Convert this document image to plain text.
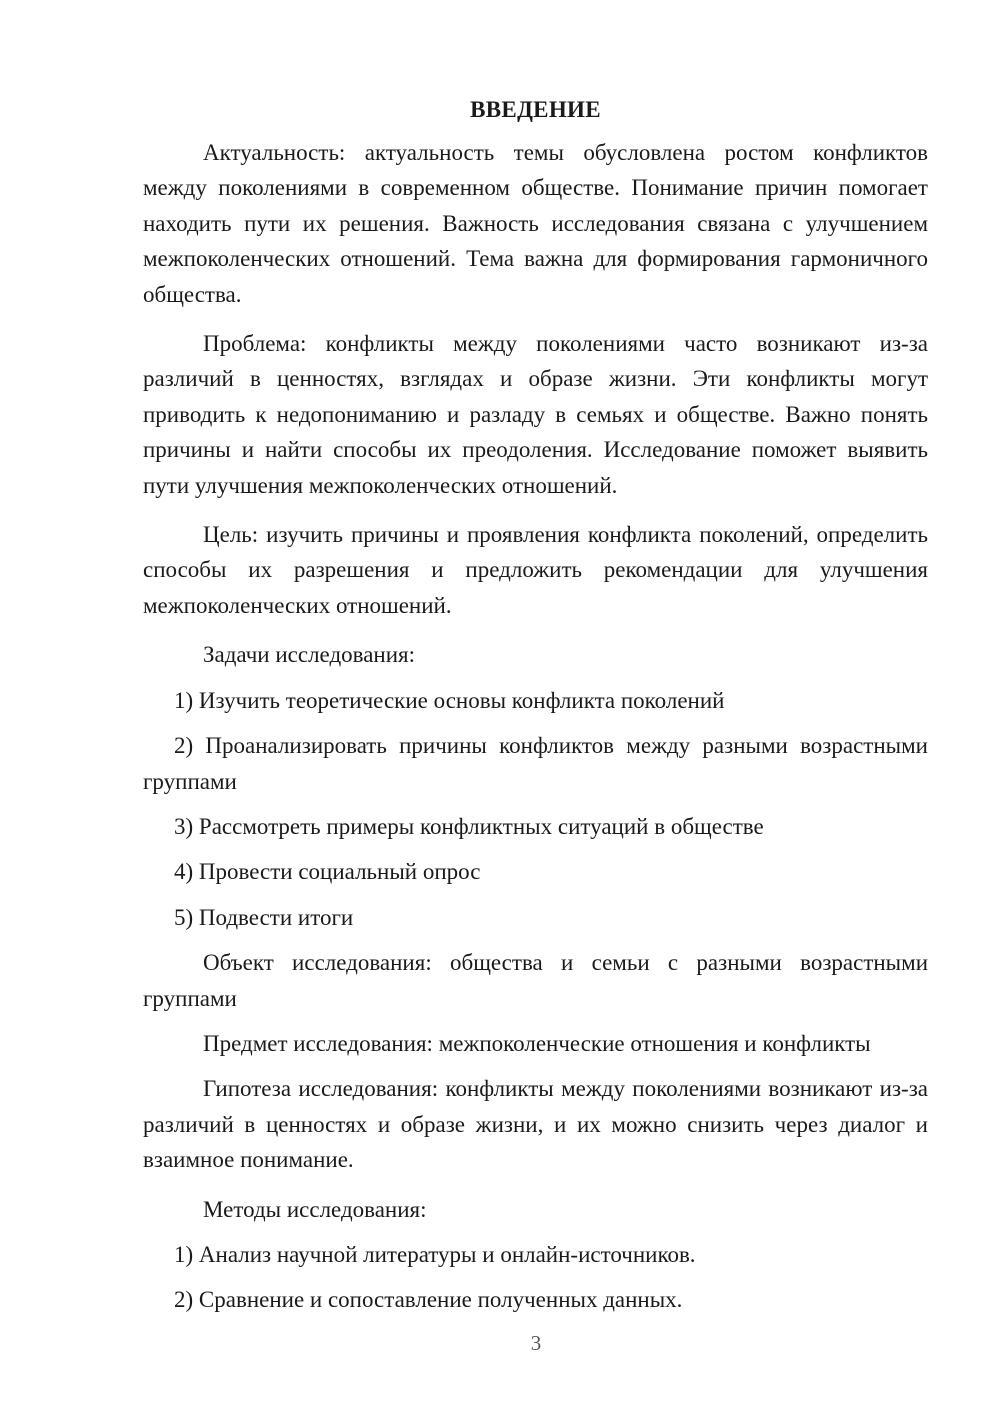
ВВЕДЕНИЕ

Актуальность: актуальность темы обусловлена ростом конфликтов между поколениями в современном обществе. Понимание причин помогает находить пути их решения. Важность исследования связана с улучшением межпоколенческих отношений. Тема важна для формирования гармоничного общества.

Проблема: конфликты между поколениями часто возникают из-за различий в ценностях, взглядах и образе жизни. Эти конфликты могут приводить к недопониманию и разладу в семьях и обществе. Важно понять причины и найти способы их преодоления. Исследование поможет выявить пути улучшения межпоколенческих отношений.

Цель: изучить причины и проявления конфликта поколений, определить способы их разрешения и предложить рекомендации для улучшения межпоколенческих отношений.

Задачи исследования:

1) Изучить теоретические основы конфликта поколений

2) Проанализировать причины конфликтов между разными возрастными группами

3) Рассмотреть примеры конфликтных ситуаций в обществе

4) Провести социальный опрос

5) Подвести итоги

Объект исследования: общества и семьи с разными возрастными группами

Предмет исследования: межпоколенческие отношения и конфликты

Гипотеза исследования: конфликты между поколениями возникают из-за различий в ценностях и образе жизни, и их можно снизить через диалог и взаимное понимание.

Методы исследования:

1) Анализ научной литературы и онлайн-источников.

2) Сравнение и сопоставление полученных данных.

3
